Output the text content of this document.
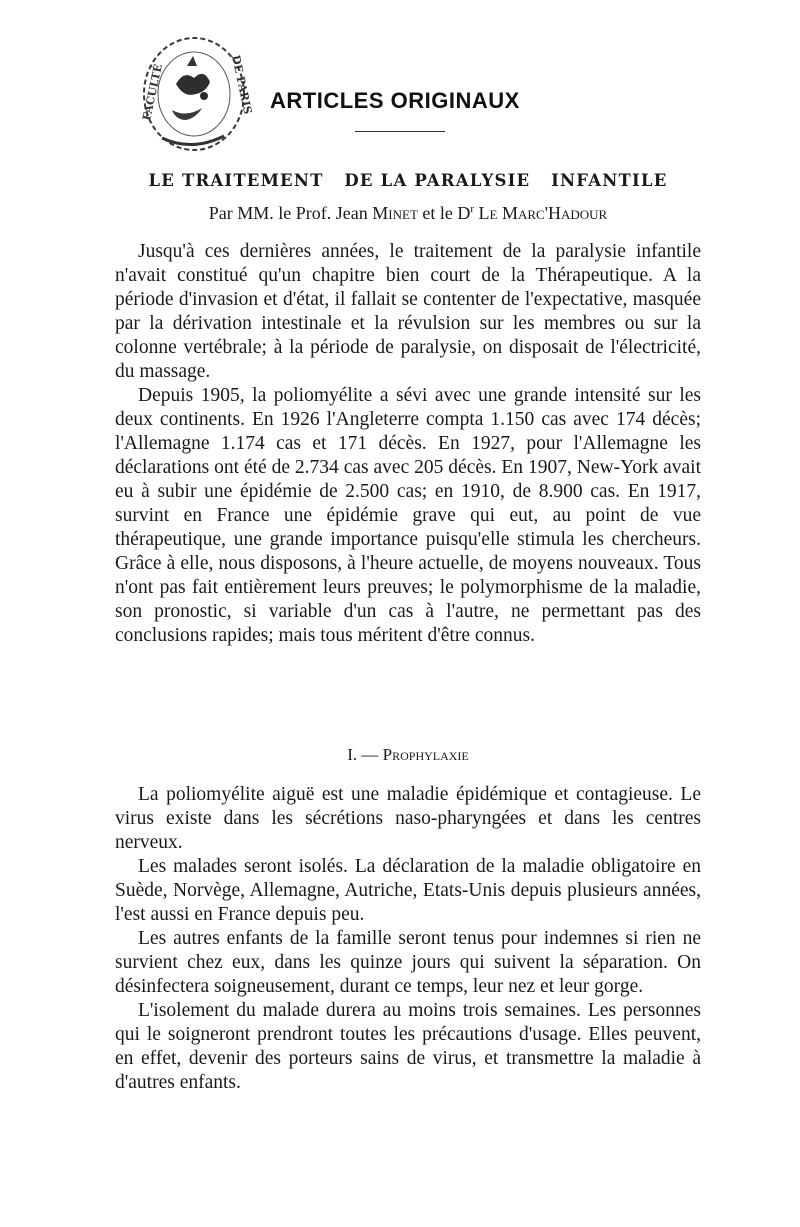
FACULTÉ	DE PARIS ARTICLES ORIGINAUX
LE TRAITEMENT   DE LA PARALYSIE   INFANTILE
Par MM. le Prof. Jean Minet et le $D^r$ Le Marc'Hadour

Jusqu'à ces dernières années, le traitement de la paralysie infantile n'avait constitué qu'un chapitre bien court de la Thérapeutique. A la période d'invasion et d'état, il fallait se contenter de l'expectative, masquée par la dérivation intestinale et la révulsion sur les membres ou sur la colonne vertébrale; à la période de paralysie, on disposait de l'électricité, du massage.

Depuis 1905, la poliomyélite a sévi avec une grande intensité sur les deux continents. En 1926 l'Angleterre compta 1.150 cas avec 174 décès; l'Allemagne 1.174 cas et 171 décès. En 1927, pour l'Allemagne les déclarations ont été de 2.734 cas avec 205 décès. En 1907, New-York avait eu à subir une épidémie de 2.500 cas; en 1910, de 8.900 cas. En 1917, survint en France une épidémie grave qui eut, au point de vue thérapeutique, une grande importance puisqu'elle stimula les chercheurs. Grâce à elle, nous disposons, à l'heure actuelle, de moyens nouveaux. Tous n'ont pas fait entièrement leurs preuves; le polymorphisme de la maladie, son pronostic, si variable d'un cas à l'autre, ne permettant pas des conclusions rapides; mais tous méritent d'être connus.

I. — Prophylaxie

La poliomyélite aiguë est une maladie épidémique et contagieuse. Le virus existe dans les sécrétions naso-pharyngées et dans les centres nerveux.

Les malades seront isolés. La déclaration de la maladie obligatoire en Suède, Norvège, Allemagne, Autriche, Etats-Unis depuis plusieurs années, l'est aussi en France depuis peu.

Les autres enfants de la famille seront tenus pour indemnes si rien ne survient chez eux, dans les quinze jours qui suivent la séparation. On désinfectera soigneusement, durant ce temps, leur nez et leur gorge.

L'isolement du malade durera au moins trois semaines. Les personnes qui le soigneront prendront toutes les précautions d'usage. Elles peuvent, en effet, devenir des porteurs sains de virus, et transmettre la maladie à d'autres enfants.
